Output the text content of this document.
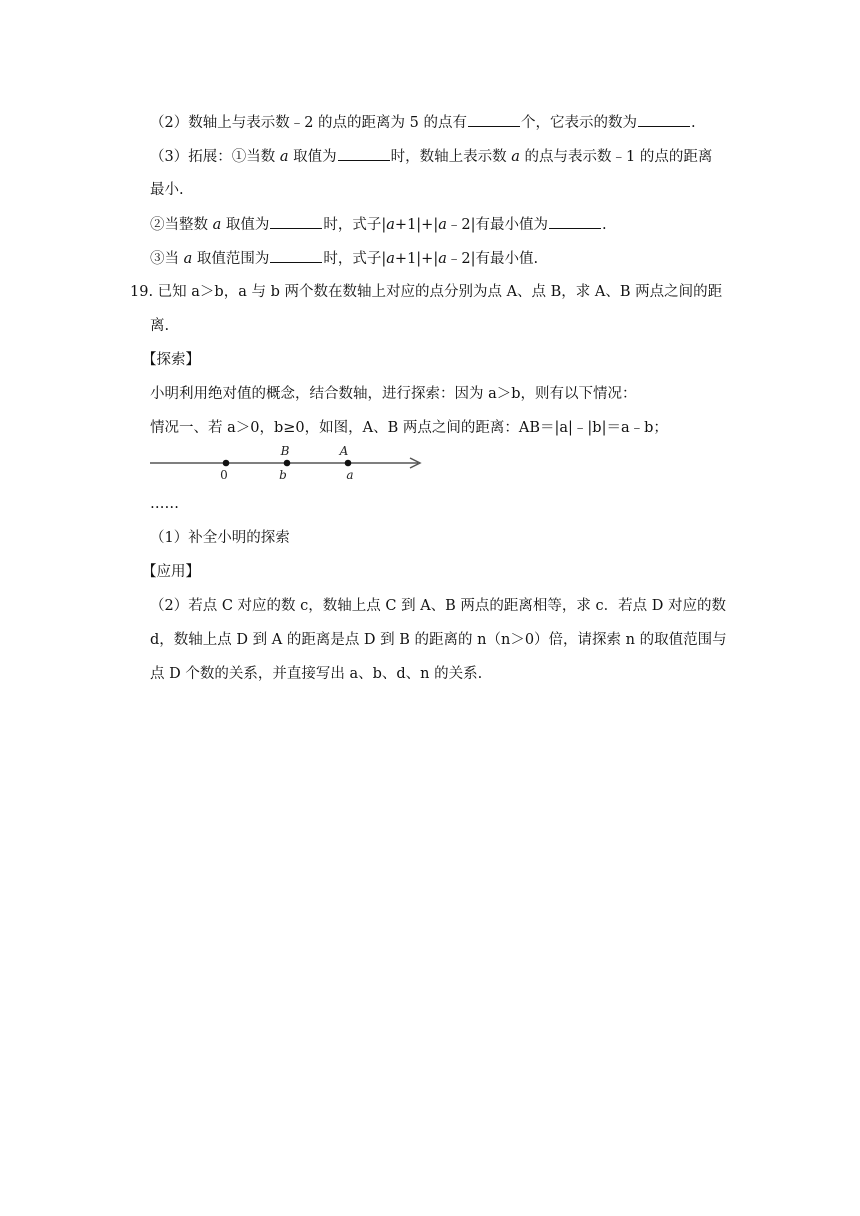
（2）数轴上与表示数﹣2 的点的距离为 5 的点有	个，它表示的数为	.
（3）拓展：①当数 a 取值为	时，数轴上表示数 a 的点与表示数﹣1 的点的距离
最小.
②当整数 a 取值为	时，式子|a+1|+|a﹣2|有最小值为	.
③当 a 取值范围为	时，式子|a+1|+|a﹣2|有最小值.
19. 已知 a＞b，a 与 b 两个数在数轴上对应的点分别为点 A、点 B，求 A、B 两点之间的距
离.
【探索】
小明利用绝对值的概念，结合数轴，进行探索：因为 a＞b，则有以下情况：
情况一、若 a＞0，b≥0，如图，A、B 两点之间的距离：AB＝|a|﹣|b|＝a﹣b；
0
B
b
A
a
……
（1）补全小明的探索
【应用】
（2）若点 C 对应的数 c，数轴上点 C 到 A、B 两点的距离相等，求 c．若点 D 对应的数
d，数轴上点 D 到 A 的距离是点 D 到 B 的距离的 n（n＞0）倍，请探索 n 的取值范围与
点 D 个数的关系，并直接写出 a、b、d、n 的关系.
